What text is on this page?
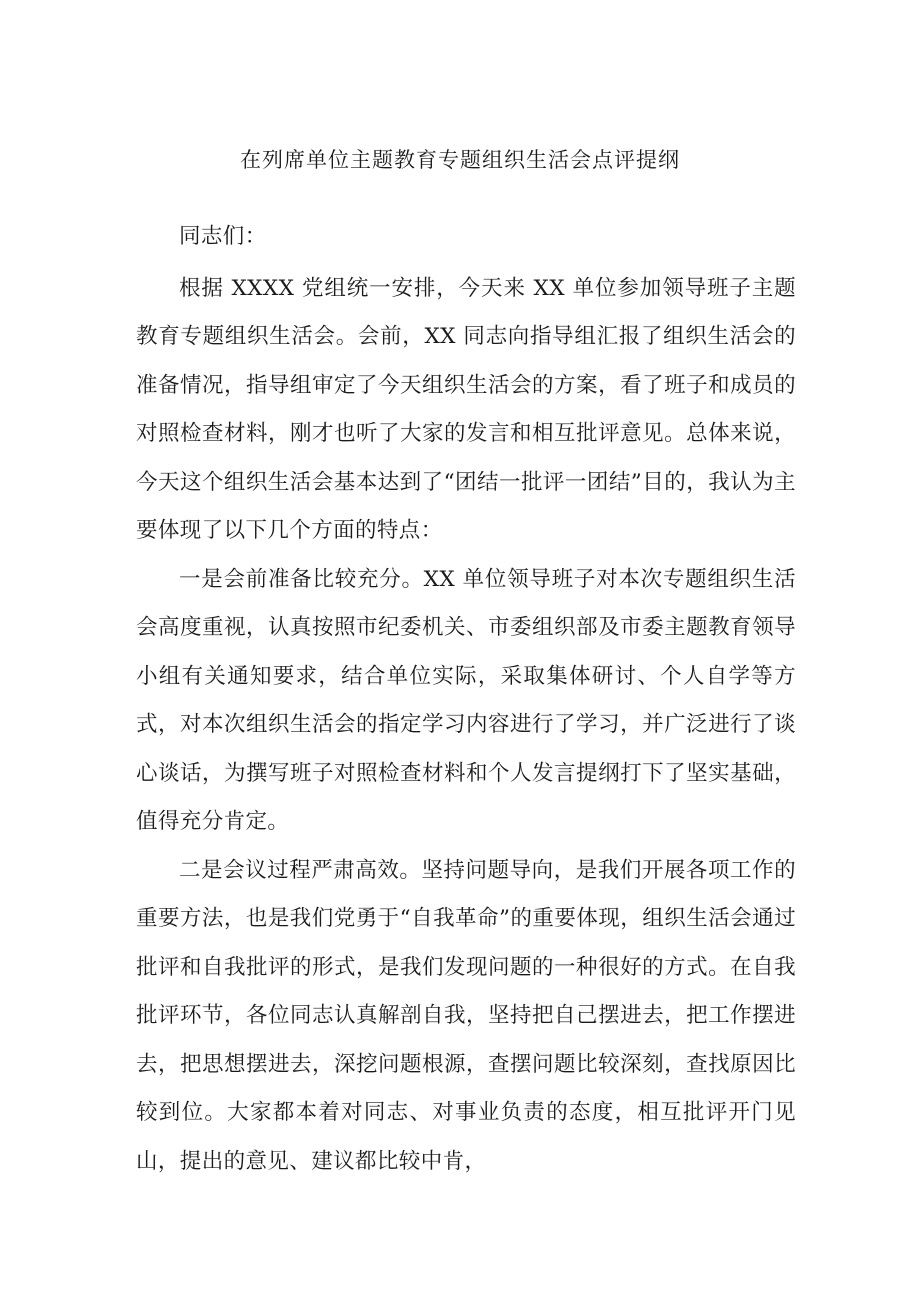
在列席单位主题教育专题组织生活会点评提纲

同志们：

根据 XXXX 党组统一安排，今天来 XX 单位参加领导班子主题教育专题组织生活会。会前，XX 同志向指导组汇报了组织生活会的准备情况，指导组审定了今天组织生活会的方案，看了班子和成员的对照检查材料，刚才也听了大家的发言和相互批评意见。总体来说，今天这个组织生活会基本达到了“团结一批评一团结”目的，我认为主要体现了以下几个方面的特点：

一是会前准备比较充分。XX 单位领导班子对本次专题组织生活会高度重视，认真按照市纪委机关、市委组织部及市委主题教育领导小组有关通知要求，结合单位实际，采取集体研讨、个人自学等方式，对本次组织生活会的指定学习内容进行了学习，并广泛进行了谈心谈话，为撰写班子对照检查材料和个人发言提纲打下了坚实基础，值得充分肯定。

二是会议过程严肃高效。坚持问题导向，是我们开展各项工作的重要方法，也是我们党勇于“自我革命”的重要体现，组织生活会通过批评和自我批评的形式，是我们发现问题的一种很好的方式。在自我批评环节，各位同志认真解剖自我，坚持把自己摆进去，把工作摆进去，把思想摆进去，深挖问题根源，查摆问题比较深刻，查找原因比较到位。大家都本着对同志、对事业负责的态度，相互批评开门见山，提出的意见、建议都比较中肯，
